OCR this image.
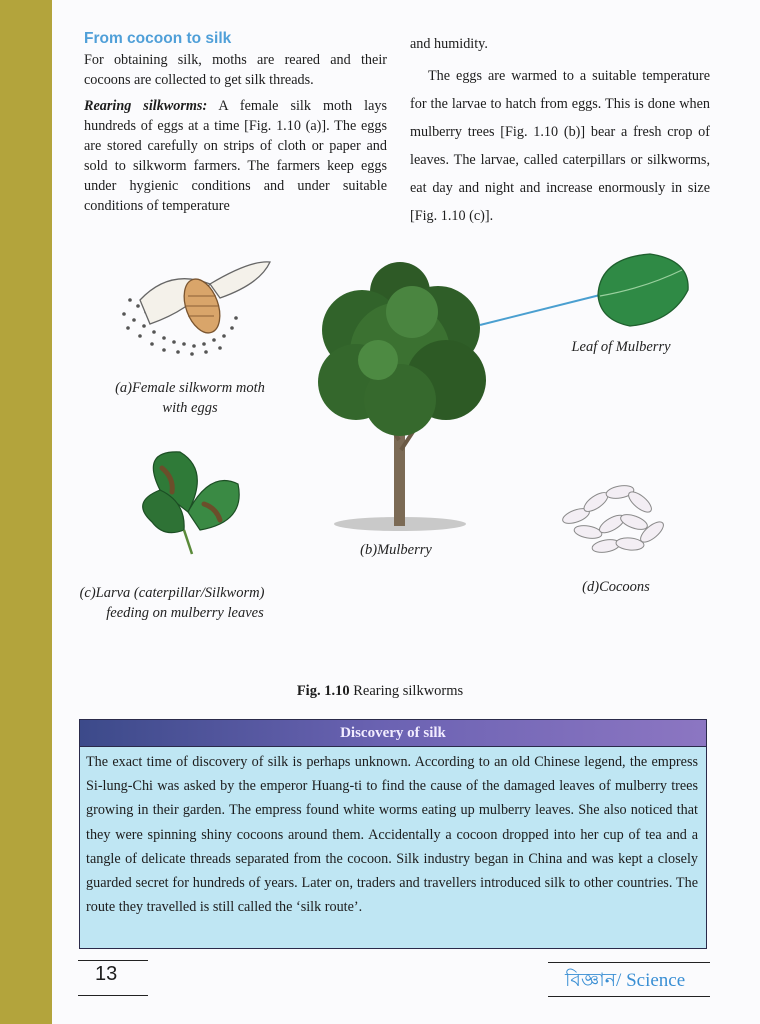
From cocoon to silk

For obtaining silk, moths are reared and their cocoons are collected to get silk threads.

Rearing silkworms: A female silk moth lays hundreds of eggs at a time [Fig. 1.10 (a)]. The eggs are stored carefully on strips of cloth or paper and sold to silkworm farmers. The farmers keep eggs under hygienic conditions and under suitable conditions of temperature

and humidity.

The eggs are warmed to a suitable temperature for the larvae to hatch from eggs. This is done when mulberry trees [Fig. 1.10 (b)] bear a fresh crop of leaves. The larvae, called caterpillars or silkworms, eat day and night and increase enormously in size [Fig. 1.10 (c)].

(a)Female silkworm moth
with eggs
Leaf of Mulberry
(b)Mulberry
(c)Larva (caterpillar/Silkworm)
feeding on mulberry leaves
(d)Cocoons
Fig. 1.10 Rearing silkworms
Discovery of silk
The exact time of discovery of silk is perhaps unknown. According to an old Chinese legend, the empress Si-lung-Chi was asked by the emperor Huang-ti to find the cause of the damaged leaves of mulberry trees growing in their garden. The empress found white worms eating up mulberry leaves. She also noticed that they were spinning shiny cocoons around them. Accidentally a cocoon dropped into her cup of tea and a tangle of delicate threads separated from the cocoon. Silk industry began in China and was kept a closely guarded secret for hundreds of years. Later on, traders and travellers introduced silk to other countries. The route they travelled is still called the ‘silk route’.
13	বিজ্ঞান/ Science
